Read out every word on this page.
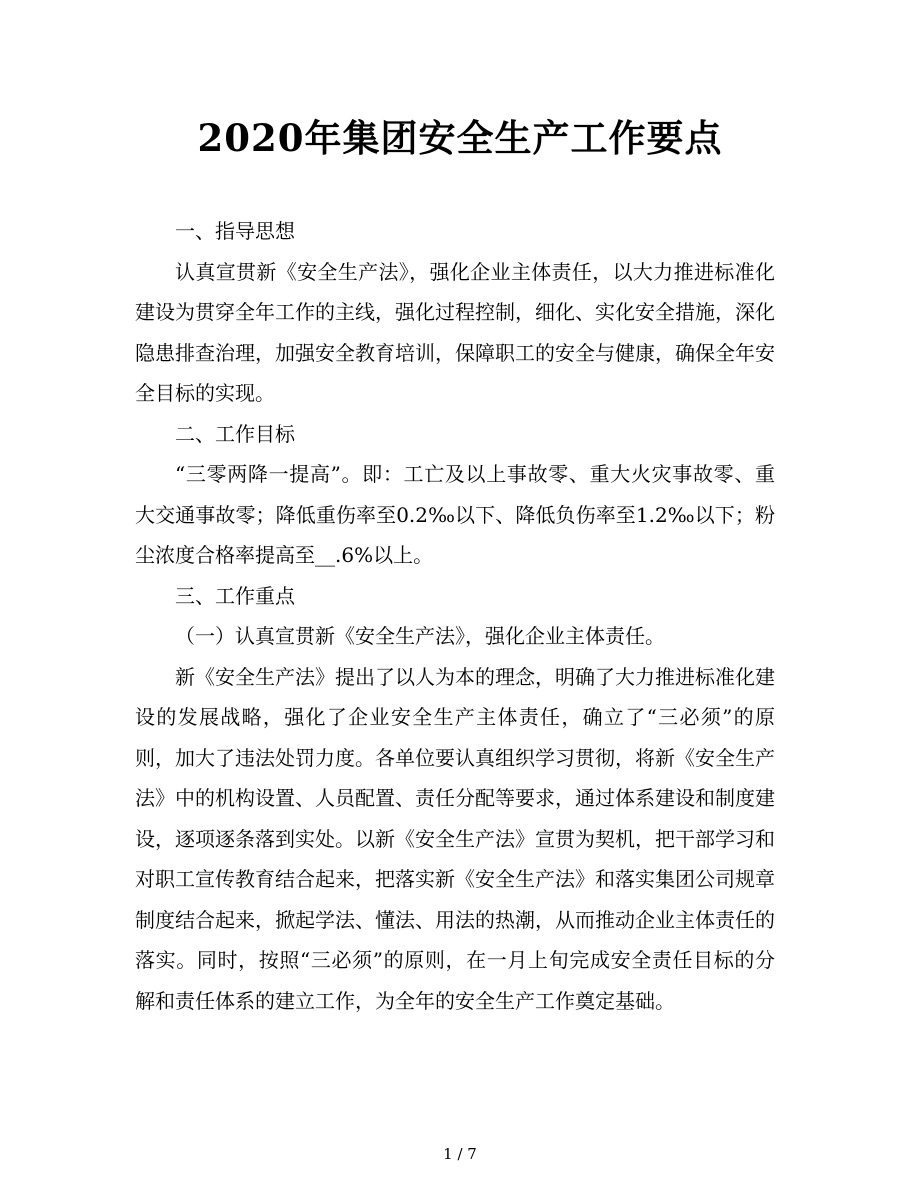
2020年集团安全生产工作要点

一、指导思想

认真宣贯新《安全生产法》，强化企业主体责任，以大力推进标准化建设为贯穿全年工作的主线，强化过程控制，细化、实化安全措施，深化隐患排查治理，加强安全教育培训，保障职工的安全与健康，确保全年安全目标的实现。

二、工作目标

“三零两降一提高”。即：工亡及以上事故零、重大火灾事故零、重大交通事故零；降低重伤率至0.2‰以下、降低负伤率至1.2‰以下；粉尘浓度合格率提高至__.6%以上。

三、工作重点

（一）认真宣贯新《安全生产法》，强化企业主体责任。

新《安全生产法》提出了以人为本的理念，明确了大力推进标准化建设的发展战略，强化了企业安全生产主体责任，确立了“三必须”的原则，加大了违法处罚力度。各单位要认真组织学习贯彻，将新《安全生产法》中的机构设置、人员配置、责任分配等要求，通过体系建设和制度建设，逐项逐条落到实处。以新《安全生产法》宣贯为契机，把干部学习和对职工宣传教育结合起来，把落实新《安全生产法》和落实集团公司规章制度结合起来，掀起学法、懂法、用法的热潮，从而推动企业主体责任的落实。同时，按照“三必须”的原则，在一月上旬完成安全责任目标的分解和责任体系的建立工作，为全年的安全生产工作奠定基础。

1 / 7
